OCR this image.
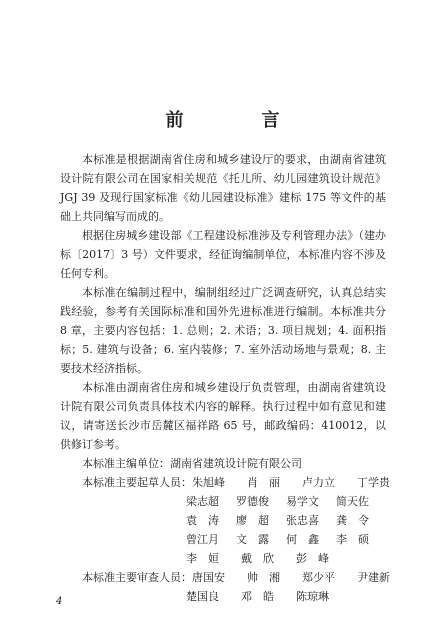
前　言

本标准是根据湖南省住房和城乡建设厅的要求，由湖南省建筑设计院有限公司在国家相关规范《托儿所、幼儿园建筑设计规范》JGJ 39 及现行国家标准《幼儿园建设标准》建标 175 等文件的基础上共同编写而成的。

根据住房城乡建设部《工程建设标准涉及专利管理办法》（建办标〔2017〕3 号）文件要求，经征询编制单位，本标准内容不涉及任何专利。

本标准在编制过程中，编制组经过广泛调查研究，认真总结实践经验，参考有关国际标准和国外先进标准进行编制。本标准共分 8 章，主要内容包括：1. 总则；2. 术语；3. 项目规划；4. 面积指标；5. 建筑与设备；6. 室内装修；7. 室外活动场地与景观；8. 主要技术经济指标。

本标准由湖南省住房和城乡建设厅负责管理，由湖南省建筑设计院有限公司负责具体技术内容的解释。执行过程中如有意见和建议，请寄送长沙市岳麓区福祥路 65 号，邮政编码：410012，以供修订参考。

本标准主编单位： 湖南省建筑设计院有限公司
本标准主要起草人员： 朱旭峰	肖　丽	卢力立	丁学贵
梁志超	罗德俊	易学文	简天佐
袁　涛	廖　超	张忠喜	龚　令
曾江月	文　露	何　鑫	李　硕
李　姮	戴　欣	彭　峰
本标准主要审查人员： 唐国安	帅　湘	郑少平	尹建新
楚国良	邓　皓	陈琼琳
4
